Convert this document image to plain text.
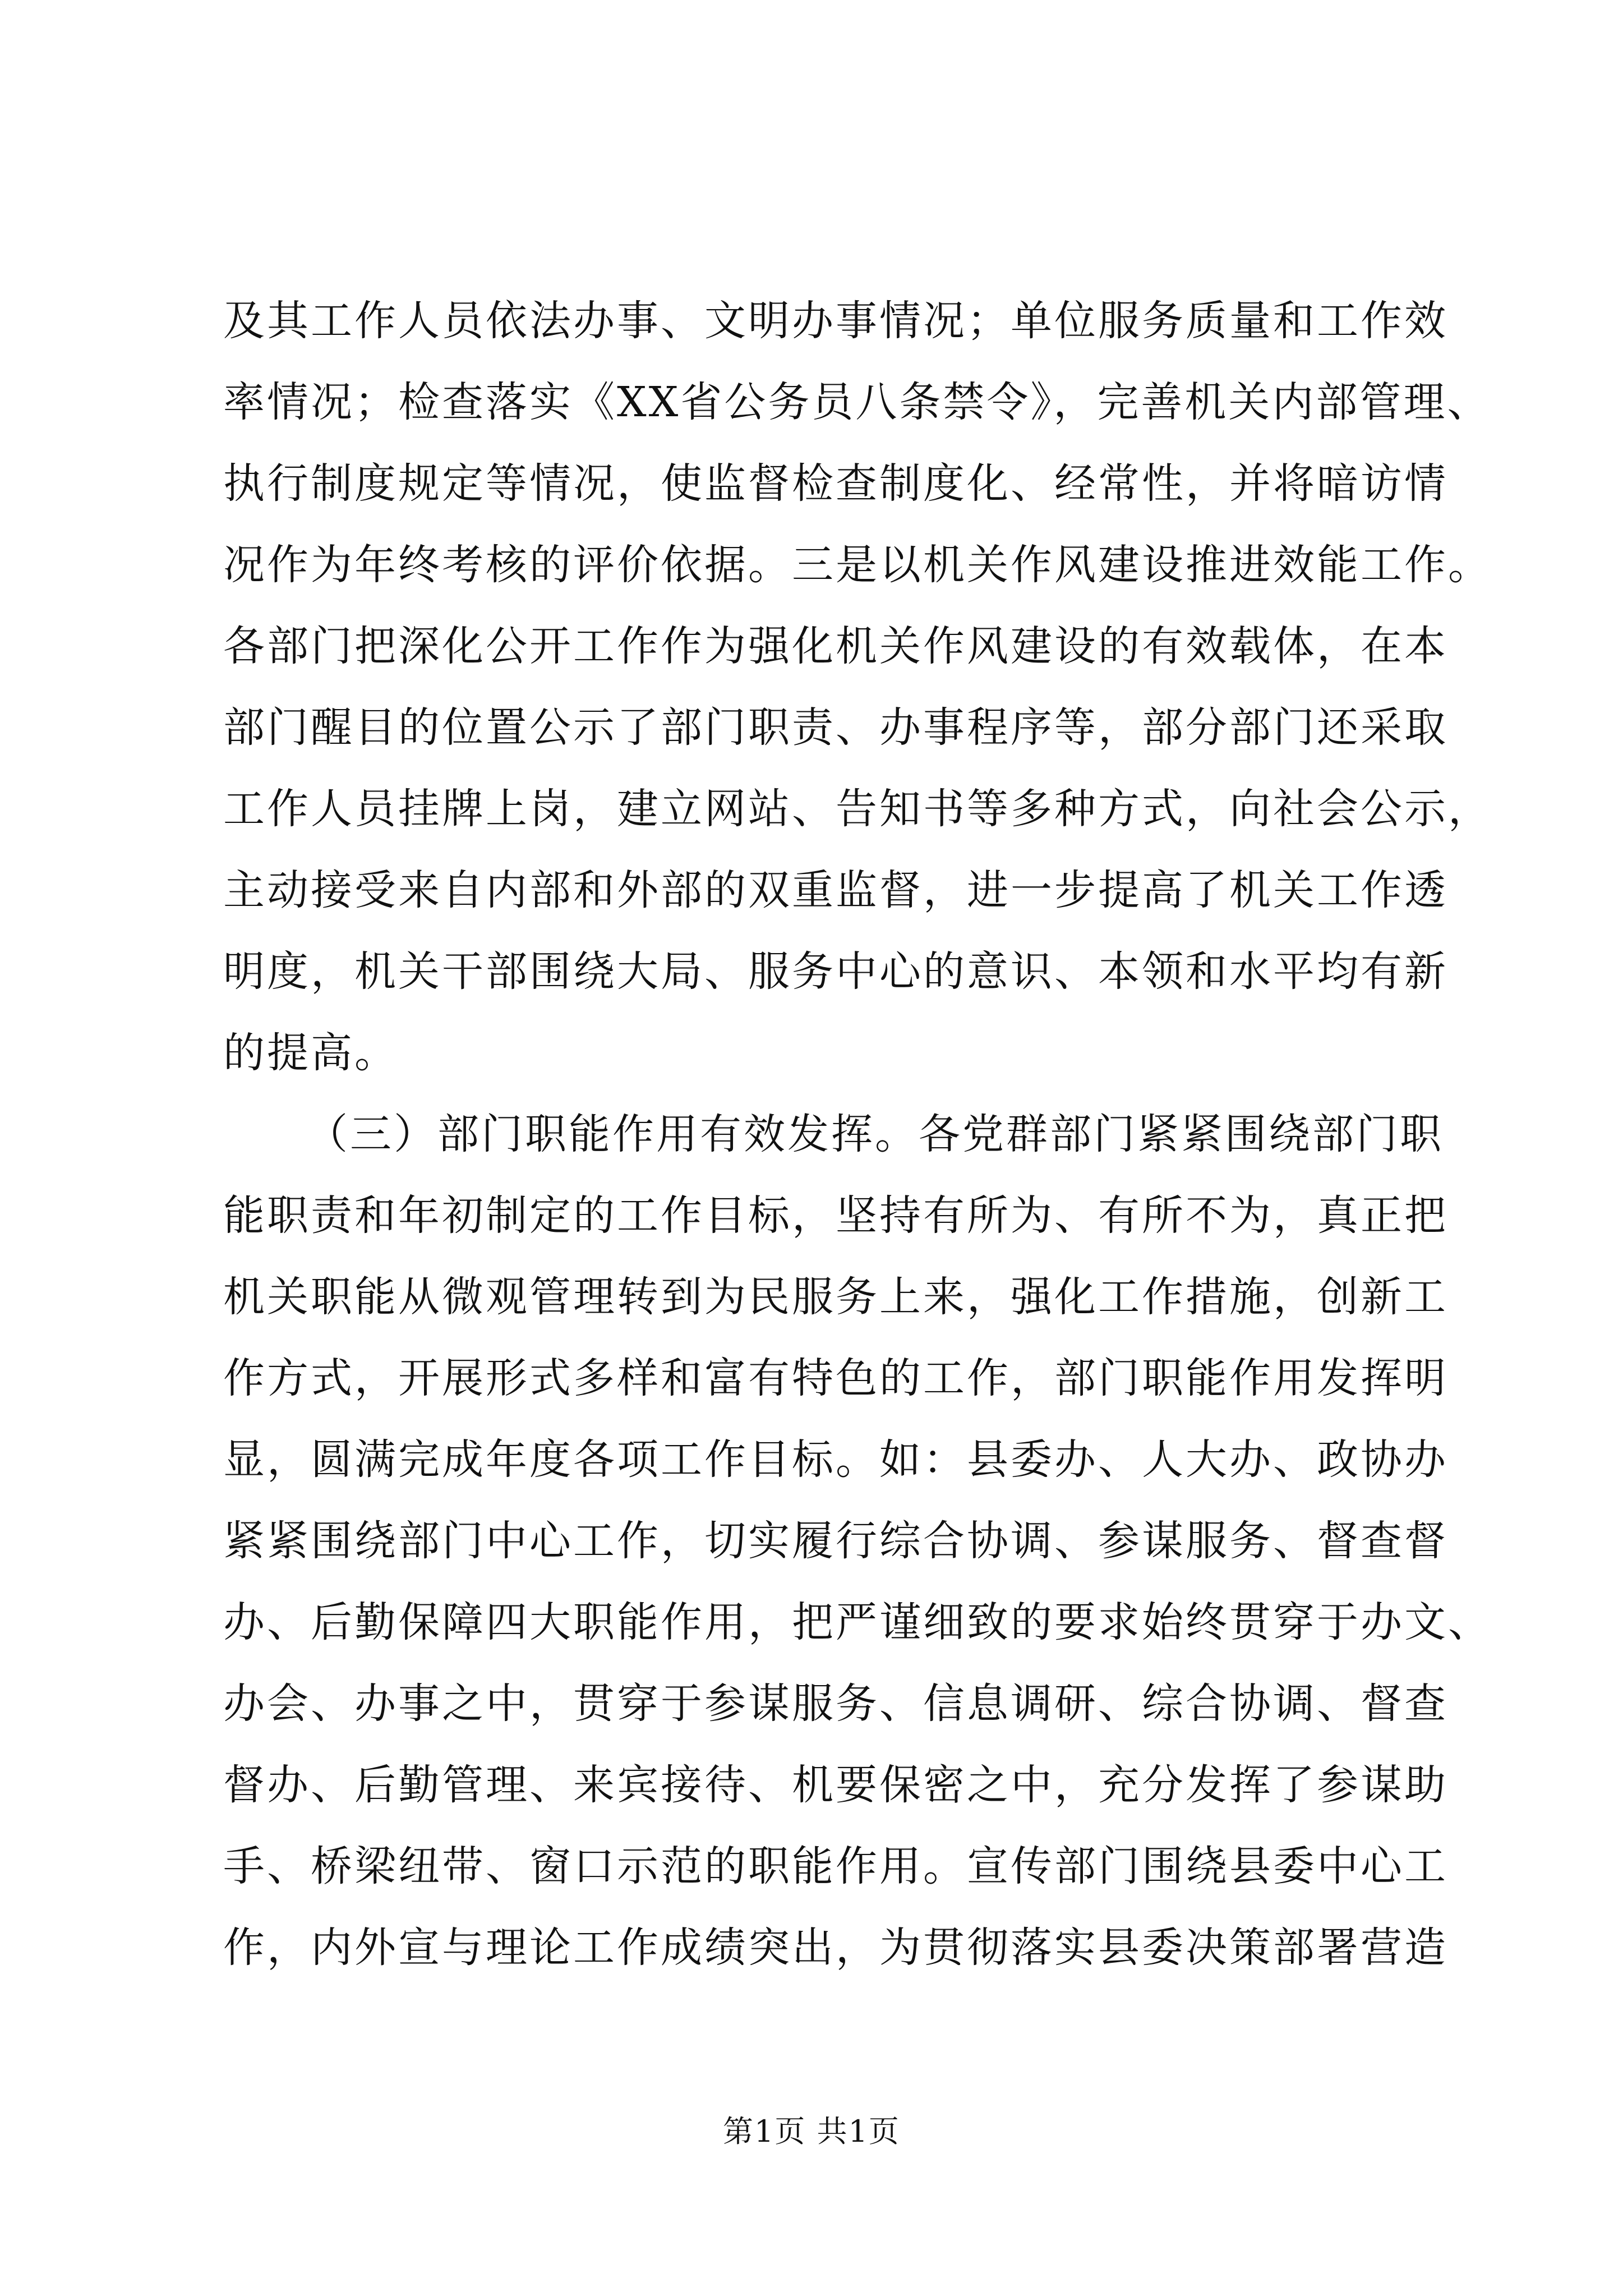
及其工作人员依法办事、文明办事情况；单位服务质量和工作效
率情况；检查落实《XX省公务员八条禁令》，完善机关内部管理、
执行制度规定等情况，使监督检查制度化、经常性，并将暗访情
况作为年终考核的评价依据。三是以机关作风建设推进效能工作。
各部门把深化公开工作作为强化机关作风建设的有效载体，在本
部门醒目的位置公示了部门职责、办事程序等，部分部门还采取
工作人员挂牌上岗，建立网站、告知书等多种方式，向社会公示，
主动接受来自内部和外部的双重监督，进一步提高了机关工作透
明度，机关干部围绕大局、服务中心的意识、本领和水平均有新
的提高。
（三）部门职能作用有效发挥。各党群部门紧紧围绕部门职
能职责和年初制定的工作目标，坚持有所为、有所不为，真正把
机关职能从微观管理转到为民服务上来，强化工作措施，创新工
作方式，开展形式多样和富有特色的工作，部门职能作用发挥明
显，圆满完成年度各项工作目标。如：县委办、人大办、政协办
紧紧围绕部门中心工作，切实履行综合协调、参谋服务、督查督
办、后勤保障四大职能作用，把严谨细致的要求始终贯穿于办文、
办会、办事之中，贯穿于参谋服务、信息调研、综合协调、督查
督办、后勤管理、来宾接待、机要保密之中，充分发挥了参谋助
手、桥梁纽带、窗口示范的职能作用。宣传部门围绕县委中心工
作，内外宣与理论工作成绩突出，为贯彻落实县委决策部署营造
第1页 共1页
